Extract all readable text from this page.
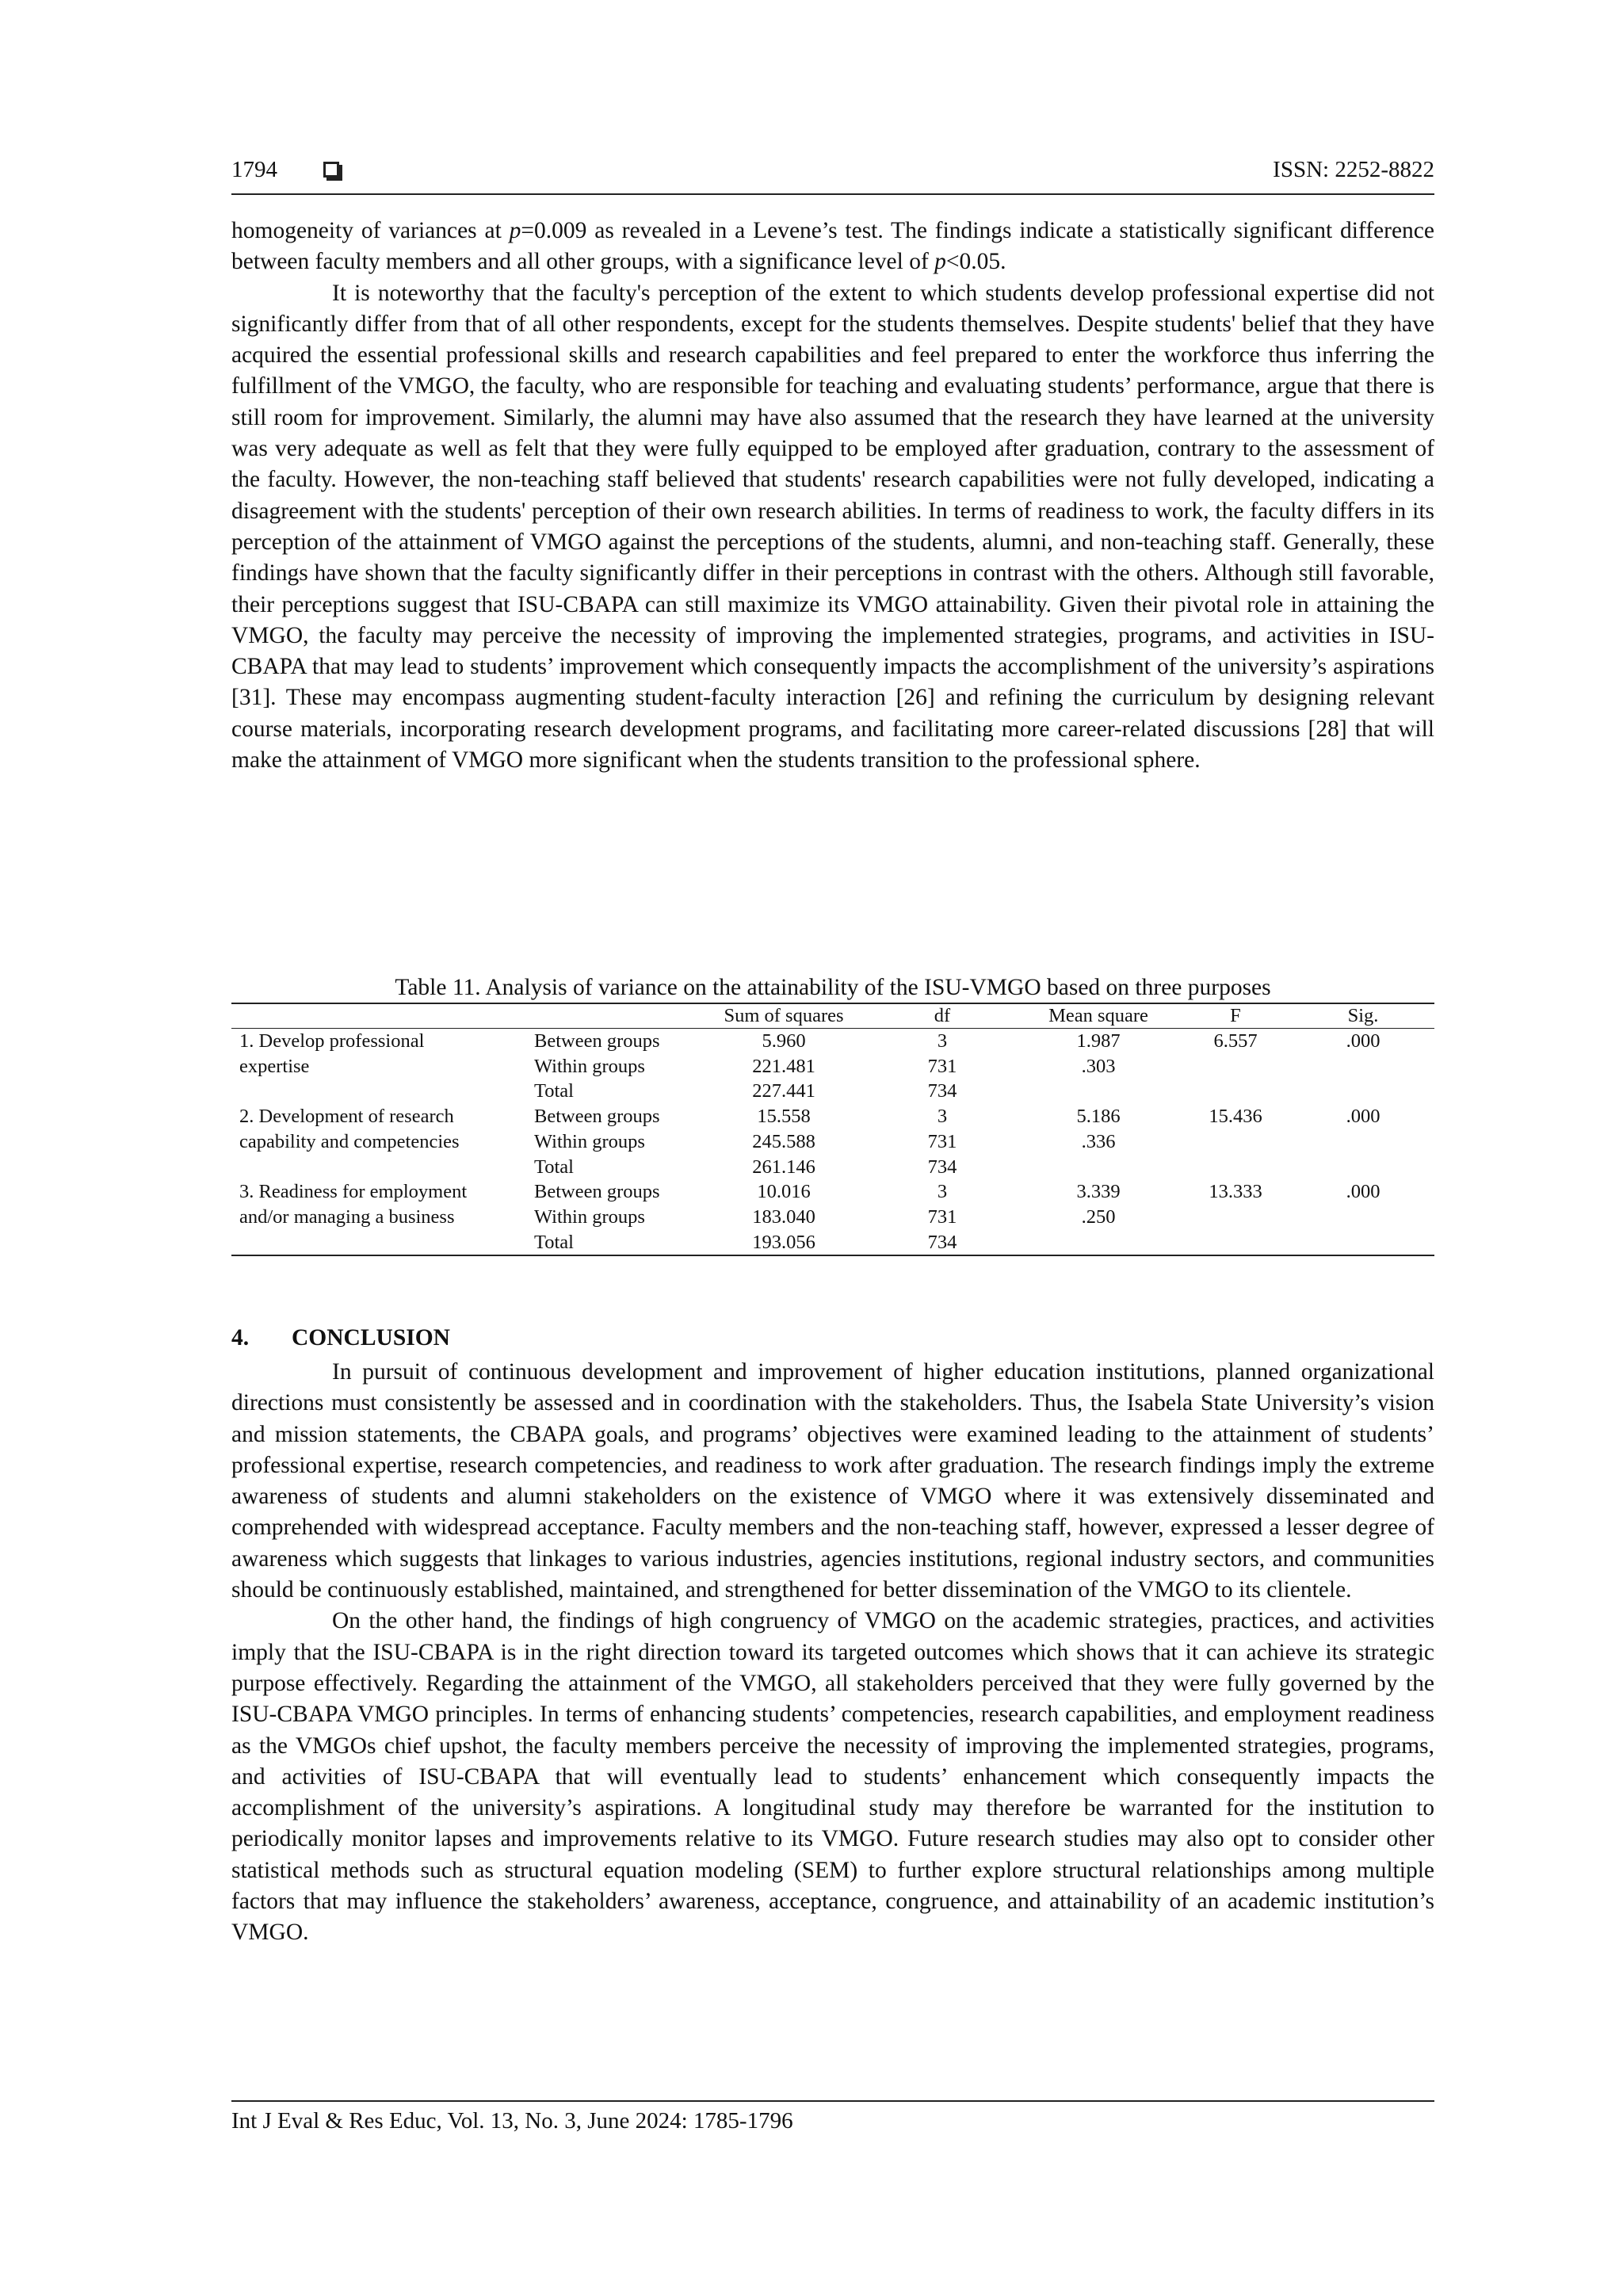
1794	ISSN: 2252-8822

homogeneity of variances at p=0.009 as revealed in a Levene’s test. The findings indicate a statistically significant difference between faculty members and all other groups, with a significance level of p<0.05.

It is noteworthy that the faculty's perception of the extent to which students develop professional expertise did not significantly differ from that of all other respondents, except for the students themselves. Despite students' belief that they have acquired the essential professional skills and research capabilities and feel prepared to enter the workforce thus inferring the fulfillment of the VMGO, the faculty, who are responsible for teaching and evaluating students’ performance, argue that there is still room for improvement. Similarly, the alumni may have also assumed that the research they have learned at the university was very adequate as well as felt that they were fully equipped to be employed after graduation, contrary to the assessment of the faculty. However, the non-teaching staff believed that students' research capabilities were not fully developed, indicating a disagreement with the students' perception of their own research abilities. In terms of readiness to work, the faculty differs in its perception of the attainment of VMGO against the perceptions of the students, alumni, and non-teaching staff. Generally, these findings have shown that the faculty significantly differ in their perceptions in contrast with the others. Although still favorable, their perceptions suggest that ISU-CBAPA can still maximize its VMGO attainability. Given their pivotal role in attaining the VMGO, the faculty may perceive the necessity of improving the implemented strategies, programs, and activities in ISU-CBAPA that may lead to students’ improvement which consequently impacts the accomplishment of the university’s aspirations [31]. These may encompass augmenting student-faculty interaction [26] and refining the curriculum by designing relevant course materials, incorporating research development programs, and facilitating more career-related discussions [28] that will make the attainment of VMGO more significant when the students transition to the professional sphere.

Table 11. Analysis of variance on the attainability of the ISU-VMGO based on three purposes
		Sum of squares	df	Mean square	F	Sig.
1. Develop professional	Between groups	5.960	3	1.987	6.557	.000
expertise	Within groups	221.481	731	.303		
	Total	227.441	734			
2. Development of research	Between groups	15.558	3	5.186	15.436	.000
capability and competencies	Within groups	245.588	731	.336		
	Total	261.146	734			
3. Readiness for employment	Between groups	10.016	3	3.339	13.333	.000
and/or managing a business	Within groups	183.040	731	.250		
	Total	193.056	734			
4. CONCLUSION

In pursuit of continuous development and improvement of higher education institutions, planned organizational directions must consistently be assessed and in coordination with the stakeholders. Thus, the Isabela State University’s vision and mission statements, the CBAPA goals, and programs’ objectives were examined leading to the attainment of students’ professional expertise, research competencies, and readiness to work after graduation. The research findings imply the extreme awareness of students and alumni stakeholders on the existence of VMGO where it was extensively disseminated and comprehended with widespread acceptance. Faculty members and the non-teaching staff, however, expressed a lesser degree of awareness which suggests that linkages to various industries, agencies institutions, regional industry sectors, and communities should be continuously established, maintained, and strengthened for better dissemination of the VMGO to its clientele.

On the other hand, the findings of high congruency of VMGO on the academic strategies, practices, and activities imply that the ISU-CBAPA is in the right direction toward its targeted outcomes which shows that it can achieve its strategic purpose effectively. Regarding the attainment of the VMGO, all stakeholders perceived that they were fully governed by the ISU-CBAPA VMGO principles. In terms of enhancing students’ competencies, research capabilities, and employment readiness as the VMGOs chief upshot, the faculty members perceive the necessity of improving the implemented strategies, programs, and activities of ISU-CBAPA that will eventually lead to students’ enhancement which consequently impacts the accomplishment of the university’s aspirations. A longitudinal study may therefore be warranted for the institution to periodically monitor lapses and improvements relative to its VMGO. Future research studies may also opt to consider other statistical methods such as structural equation modeling (SEM) to further explore structural relationships among multiple factors that may influence the stakeholders’ awareness, acceptance, congruence, and attainability of an academic institution’s VMGO.

Int J Eval & Res Educ, Vol. 13, No. 3, June 2024: 1785-1796
